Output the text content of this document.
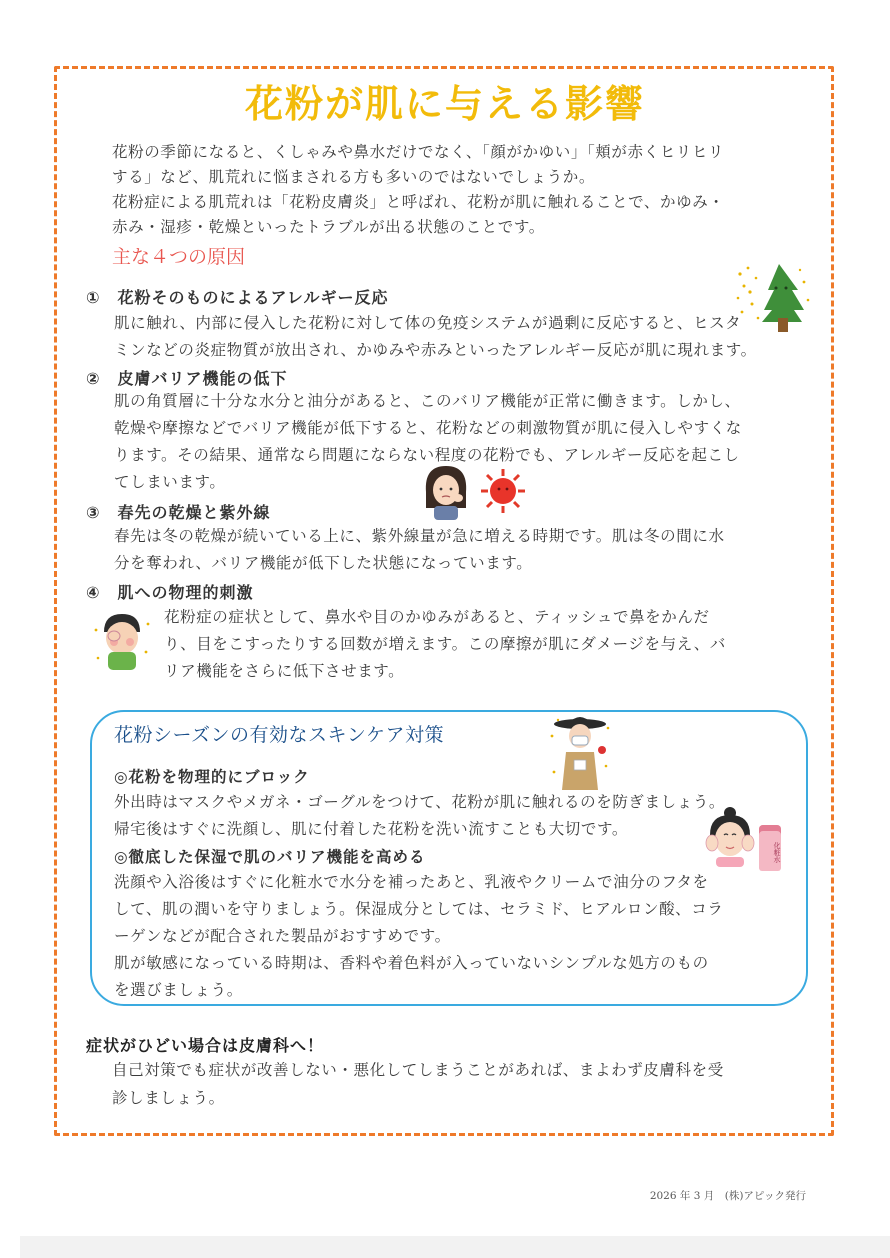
花粉が肌に与える影響
花粉の季節になると、くしゃみや鼻水だけでなく、「顔がかゆい」「頬が赤くヒリヒリ
する」など、肌荒れに悩まされる方も多いのではないでしょうか。
花粉症による肌荒れは「花粉皮膚炎」と呼ばれ、花粉が肌に触れることで、かゆみ・
赤み・湿疹・乾燥といったトラブルが出る状態のことです。
主な４つの原因
①　花粉そのものによるアレルギー反応
肌に触れ、内部に侵入した花粉に対して体の免疫システムが過剰に反応すると、ヒスタ
ミンなどの炎症物質が放出され、かゆみや赤みといったアレルギー反応が肌に現れます。
②　皮膚バリア機能の低下
肌の角質層に十分な水分と油分があると、このバリア機能が正常に働きます。しかし、
乾燥や摩擦などでバリア機能が低下すると、花粉などの刺激物質が肌に侵入しやすくな
ります。その結果、通常なら問題にならない程度の花粉でも、アレルギー反応を起こし
てしまいます。
③　春先の乾燥と紫外線
春先は冬の乾燥が続いている上に、紫外線量が急に増える時期です。肌は冬の間に水
分を奪われ、バリア機能が低下した状態になっています。
④　肌への物理的刺激
花粉症の症状として、鼻水や目のかゆみがあると、ティッシュで鼻をかんだ
り、目をこすったりする回数が増えます。この摩擦が肌にダメージを与え、バ
リア機能をさらに低下させます。
花粉シーズンの有効なスキンケア対策
◎花粉を物理的にブロック
外出時はマスクやメガネ・ゴーグルをつけて、花粉が肌に触れるのを防ぎましょう。
帰宅後はすぐに洗顔し、肌に付着した花粉を洗い流すことも大切です。
◎徹底した保湿で肌のバリア機能を高める
洗顔や入浴後はすぐに化粧水で水分を補ったあと、乳液やクリームで油分のフタを
して、肌の潤いを守りましょう。保湿成分としては、セラミド、ヒアルロン酸、コラ
ーゲンなどが配合された製品がおすすめです。
肌が敏感になっている時期は、香料や着色料が入っていないシンプルな処方のもの
を選びましょう。
症状がひどい場合は皮膚科へ！
自己対策でも症状が改善しない・悪化してしまうことがあれば、まよわず皮膚科を受
診しましょう。
2026 年 3 月　(株)アピック発行
化粧水
